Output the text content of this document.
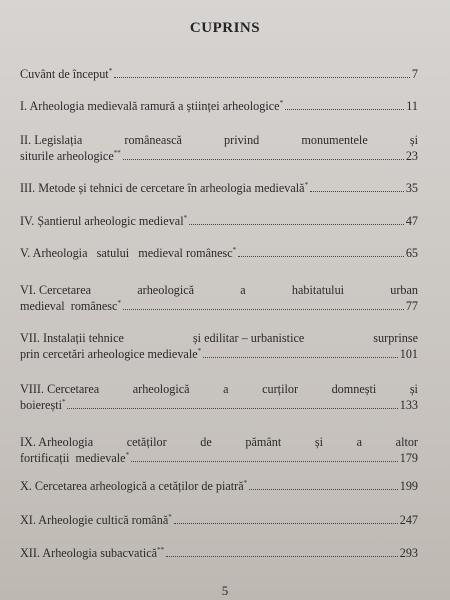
CUPRINS
Cuvânt de început*	7
I. Arheologia medievală ramură a științei arheologice*	11
II. Legislația	românească	privind	monumentele	și
siturile arheologice**	23
III. Metode și tehnici de cercetare în arheologia medievală*	35
IV. Șantierul arheologic medieval*	47
V. Arheologia   satului   medieval românesc*	65
VI. Cercetarea	arheologică	a	habitatului	urban
medieval  românesc*	77
VII. Instalații tehnice	și edilitar – urbanistice	surprinse
prin cercetări arheologice medievale*	101
VIII. Cercetarea	arheologică	a	curților	domnești	și
boierești*	133
IX. Arheologia	cetăților	de	pământ	și	a	altor
fortificații  medievale*	179
X. Cercetarea arheologică a cetăților de piatră*	199
XI. Arheologie cultică română*	247
XII. Arheologia subacvatică**	293
5
